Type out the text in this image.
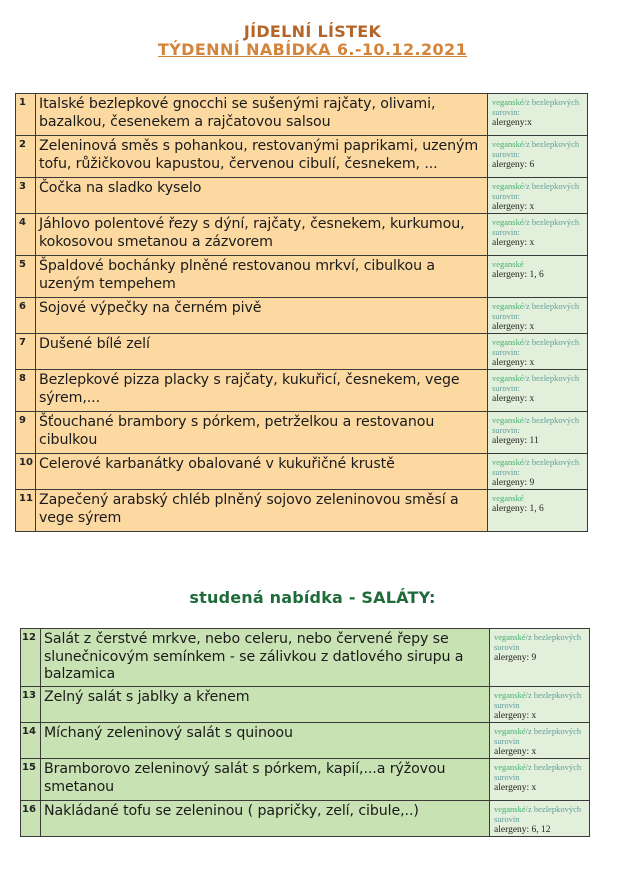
JÍDELNÍ LÍSTEK
TÝDENNÍ NABÍDKA 6.-10.12.2021
1	Italské bezlepkové gnocchi se sušenými rajčaty, olivami, bazalkou, česenekem a rajčatovou salsou	veganské/z bezlepkových surovin:
alergeny:x

2	Zeleninová směs s pohankou, restovanými paprikami, uzeným tofu, růžičkovou kapustou, červenou cibulí, česnekem, ...	veganské/z bezlepkových surovin:
alergeny: 6

3	Čočka na sladko kyselo	veganské/z bezlepkových surovin:
alergeny: x

4	Jáhlovo polentové řezy s dýní, rajčaty, česnekem, kurkumou, kokosovou smetanou a zázvorem	veganské/z bezlepkových surovin:
alergeny: x

5	Špaldové bochánky plněné restovanou mrkví, cibulkou a uzeným tempehem	veganské
alergeny: 1, 6

6	Sojové výpečky na černém pivě	veganské/z bezlepkových surovin:
alergeny: x

7	Dušené bílé zelí	veganské/z bezlepkových surovin:
alergeny: x

8	Bezlepkové pizza placky s rajčaty, kukuřicí, česnekem, vege sýrem,...	veganské/z bezlepkových surovin:
alergeny: x

9	Šťouchané brambory s pórkem, petrželkou a restovanou cibulkou	veganské/z bezlepkových surovin:
alergeny: 11

10	Celerové karbanátky obalované v kukuřičné krustě	veganské/z bezlepkových surovin:
alergeny: 9

11	Zapečený arabský chléb plněný sojovo zeleninovou směsí a vege sýrem	veganské
alergeny: 1, 6
studená nabídka - SALÁTY:
12	Salát z čerstvé mrkve, nebo celeru, nebo červené řepy se slunečnicovým semínkem - se zálivkou z datlového sirupu a balzamica	veganské/z bezlepkových surovin
alergeny: 9

13	Zelný salát s jablky a křenem	veganské/z bezlepkových surovin
alergeny: x

14	Míchaný zeleninový salát s quinoou	veganské/z bezlepkových surovin
alergeny: x

15	Bramborovo zeleninový salát s pórkem, kapií,...a rýžovou smetanou	veganské/z bezlepkových surovin
alergeny: x

16	Nakládané tofu se zeleninou ( papričky, zelí, cibule,..)	veganské/z bezlepkových surovin
alergeny: 6, 12
